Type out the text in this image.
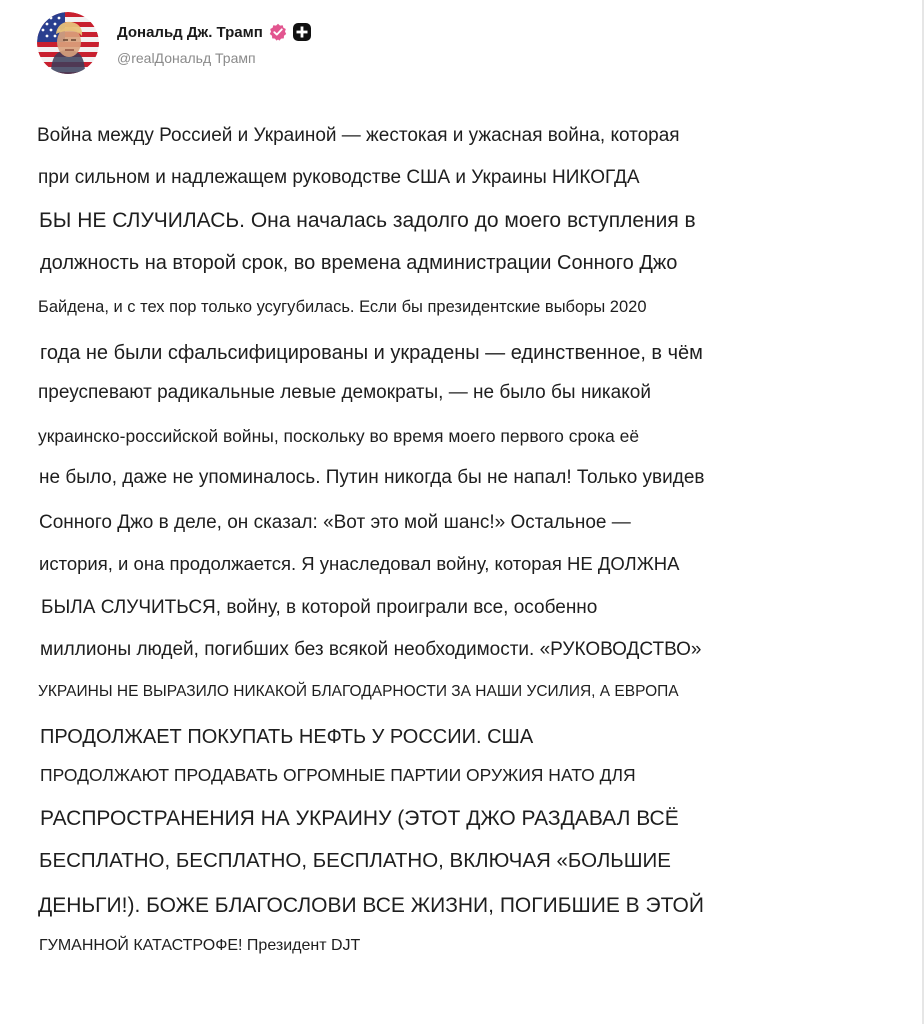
Дональд Дж. Трамп
@realДональд Трамп
Война между Россией и Украиной — жестокая и ужасная война, которая
при сильном и надлежащем руководстве США и Украины НИКОГДА
БЫ НЕ СЛУЧИЛАСЬ. Она началась задолго до моего вступления в
должность на второй срок, во времена администрации Сонного Джо
Байдена, и с тех пор только усугубилась. Если бы президентские выборы 2020
года не были сфальсифицированы и украдены — единственное, в чём
преуспевают радикальные левые демократы, — не было бы никакой
украинско-российской войны, поскольку во время моего первого срока её
не было, даже не упоминалось. Путин никогда бы не напал! Только увидев
Сонного Джо в деле, он сказал: «Вот это мой шанс!» Остальное —
история, и она продолжается. Я унаследовал войну, которая НЕ ДОЛЖНА
БЫЛА СЛУЧИТЬСЯ, войну, в которой проиграли все, особенно
миллионы людей, погибших без всякой необходимости. «РУКОВОДСТВО»
УКРАИНЫ НЕ ВЫРАЗИЛО НИКАКОЙ БЛАГОДАРНОСТИ ЗА НАШИ УСИЛИЯ, А ЕВРОПА
ПРОДОЛЖАЕТ ПОКУПАТЬ НЕФТЬ У РОССИИ. США
ПРОДОЛЖАЮТ ПРОДАВАТЬ ОГРОМНЫЕ ПАРТИИ ОРУЖИЯ НАТО ДЛЯ
РАСПРОСТРАНЕНИЯ НА УКРАИНУ (ЭТОТ ДЖО РАЗДАВАЛ ВСЁ
БЕСПЛАТНО, БЕСПЛАТНО, БЕСПЛАТНО, ВКЛЮЧАЯ «БОЛЬШИЕ
ДЕНЬГИ!). БОЖЕ БЛАГОСЛОВИ ВСЕ ЖИЗНИ, ПОГИБШИЕ В ЭТОЙ
ГУМАННОЙ КАТАСТРОФЕ! Президент DJT
